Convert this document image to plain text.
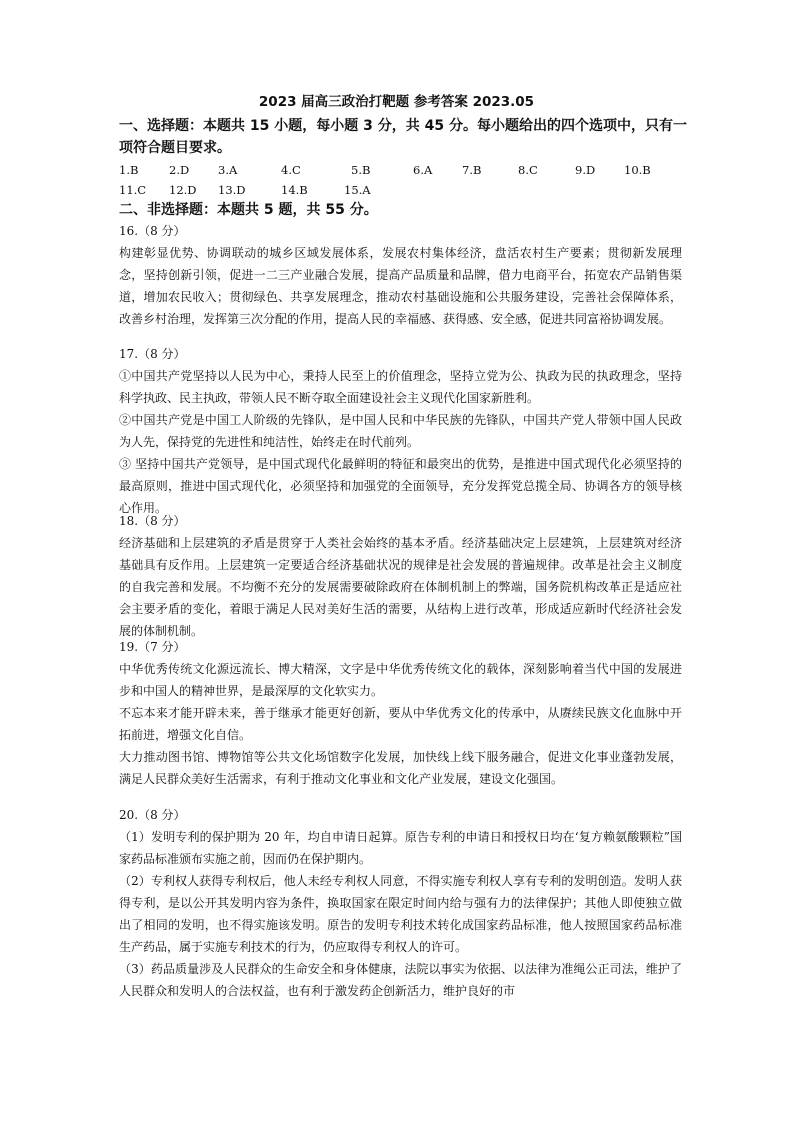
2023 届高三政治打靶题 参考答案 2023.05
一、选择题：本题共 15 小题，每小题 3 分，共 45 分。每小题给出的四个选项中，只有一项符合题目要求。
1.B	2.D	3.A	4.C	5.B	6.A	7.B	8.C	9.D	10.B
11.C 12.D 13.D	14.B	15.A
二、非选择题：本题共 5 题，共 55 分。
16.（8 分）

构建彰显优势、协调联动的城乡区域发展体系，发展农村集体经济，盘活农村生产要素；贯彻新发展理念，坚持创新引领，促进一二三产业融合发展，提高产品质量和品牌，借力电商平台，拓宽农产品销售渠道，增加农民收入；贯彻绿色、共享发展理念，推动农村基础设施和公共服务建设，完善社会保障体系，改善乡村治理，发挥第三次分配的作用，提高人民的幸福感、获得感、安全感，促进共同富裕协调发展。

17.（8 分）

①中国共产党坚持以人民为中心，秉持人民至上的价值理念，坚持立党为公、执政为民的执政理念，坚持科学执政、民主执政，带领人民不断夺取全面建设社会主义现代化国家新胜利。

②中国共产党是中国工人阶级的先锋队，是中国人民和中华民族的先锋队，中国共产党人带领中国人民政为人先，保持党的先进性和纯洁性，始终走在时代前列。

③ 坚持中国共产党领导，是中国式现代化最鲜明的特征和最突出的优势，是推进中国式现代化必须坚持的最高原则，推进中国式现代化，必须坚持和加强党的全面领导，充分发挥党总揽全局、协调各方的领导核心作用。

18.（8 分）

经济基础和上层建筑的矛盾是贯穿于人类社会始终的基本矛盾。经济基础决定上层建筑，上层建筑对经济基础具有反作用。上层建筑一定要适合经济基础状况的规律是社会发展的普遍规律。改革是社会主义制度的自我完善和发展。不均衡不充分的发展需要破除政府在体制机制上的弊端，国务院机构改革正是适应社会主要矛盾的变化，着眼于满足人民对美好生活的需要，从结构上进行改革，形成适应新时代经济社会发展的体制机制。

19.（7 分）

中华优秀传统文化源远流长、博大精深，文字是中华优秀传统文化的载体，深刻影响着当代中国的发展进步和中国人的精神世界，是最深厚的文化软实力。

不忘本来才能开辟未来，善于继承才能更好创新，要从中华优秀文化的传承中，从赓续民族文化血脉中开拓前进，增强文化自信。

大力推动图书馆、博物馆等公共文化场馆数字化发展，加快线上线下服务融合，促进文化事业蓬勃发展，满足人民群众美好生活需求，有利于推动文化事业和文化产业发展，建设文化强国。

20.（8 分）

（1）发明专利的保护期为 20 年，均自申请日起算。原告专利的申请日和授权日均在‘复方赖氨酸颗粒”国家药品标准颁布实施之前，因而仍在保护期内。

（2）专利权人获得专利权后，他人未经专利权人同意，不得实施专利权人享有专利的发明创造。发明人获得专利，是以公开其发明内容为条件，换取国家在限定时间内给与强有力的法律保护；其他人即使独立做出了相同的发明，也不得实施该发明。原告的发明专利技术转化成国家药品标准，他人按照国家药品标准生产药品，属于实施专利技术的行为，仍应取得专利权人的许可。

（3）药品质量涉及人民群众的生命安全和身体健康，法院以事实为依据、以法律为准绳公正司法，维护了人民群众和发明人的合法权益，也有利于激发药企创新活力，维护良好的市
